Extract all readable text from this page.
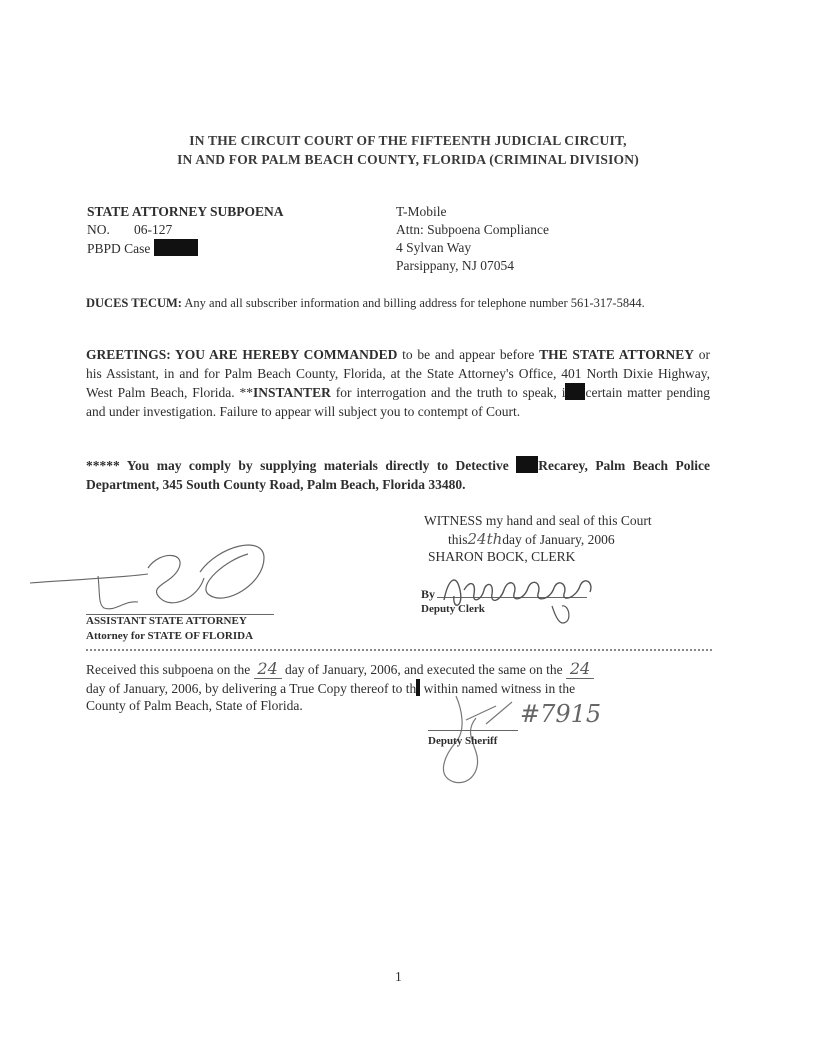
IN THE CIRCUIT COURT OF THE FIFTEENTH JUDICIAL CIRCUIT,
IN AND FOR PALM BEACH COUNTY, FLORIDA (CRIMINAL DIVISION)
STATE ATTORNEY SUBPOENA
NO. 06-127
PBPD Case
T-Mobile
Attn: Subpoena Compliance
4 Sylvan Way
Parsippany, NJ 07054
DUCES TECUM: Any and all subscriber information and billing address for telephone number 561-317-5844.
GREETINGS: YOU ARE HEREBY COMMANDED to be and appear before THE STATE ATTORNEY or his Assistant, in and for Palm Beach County, Florida, at the State Attorney's Office, 401 North Dixie Highway, West Palm Beach, Florida. **INSTANTER for interrogation and the truth to speak, i certain matter pending and under investigation. Failure to appear will subject you to contempt of Court.
***** You may comply by supplying materials directly to Detective Recarey, Palm Beach Police Department, 345 South County Road, Palm Beach, Florida 33480.
WITNESS my hand and seal of this Court
this24thday of January, 2006
SHARON BOCK, CLERK
By
Deputy Clerk
ASSISTANT STATE ATTORNEY
Attorney for STATE OF FLORIDA
Received this subpoena on the 24 day of January, 2006, and executed the same on the 24
day of January, 2006, by delivering a True Copy thereof to th within named witness in the
County of Palm Beach, State of Florida.	#7915
Deputy Sheriff
1
